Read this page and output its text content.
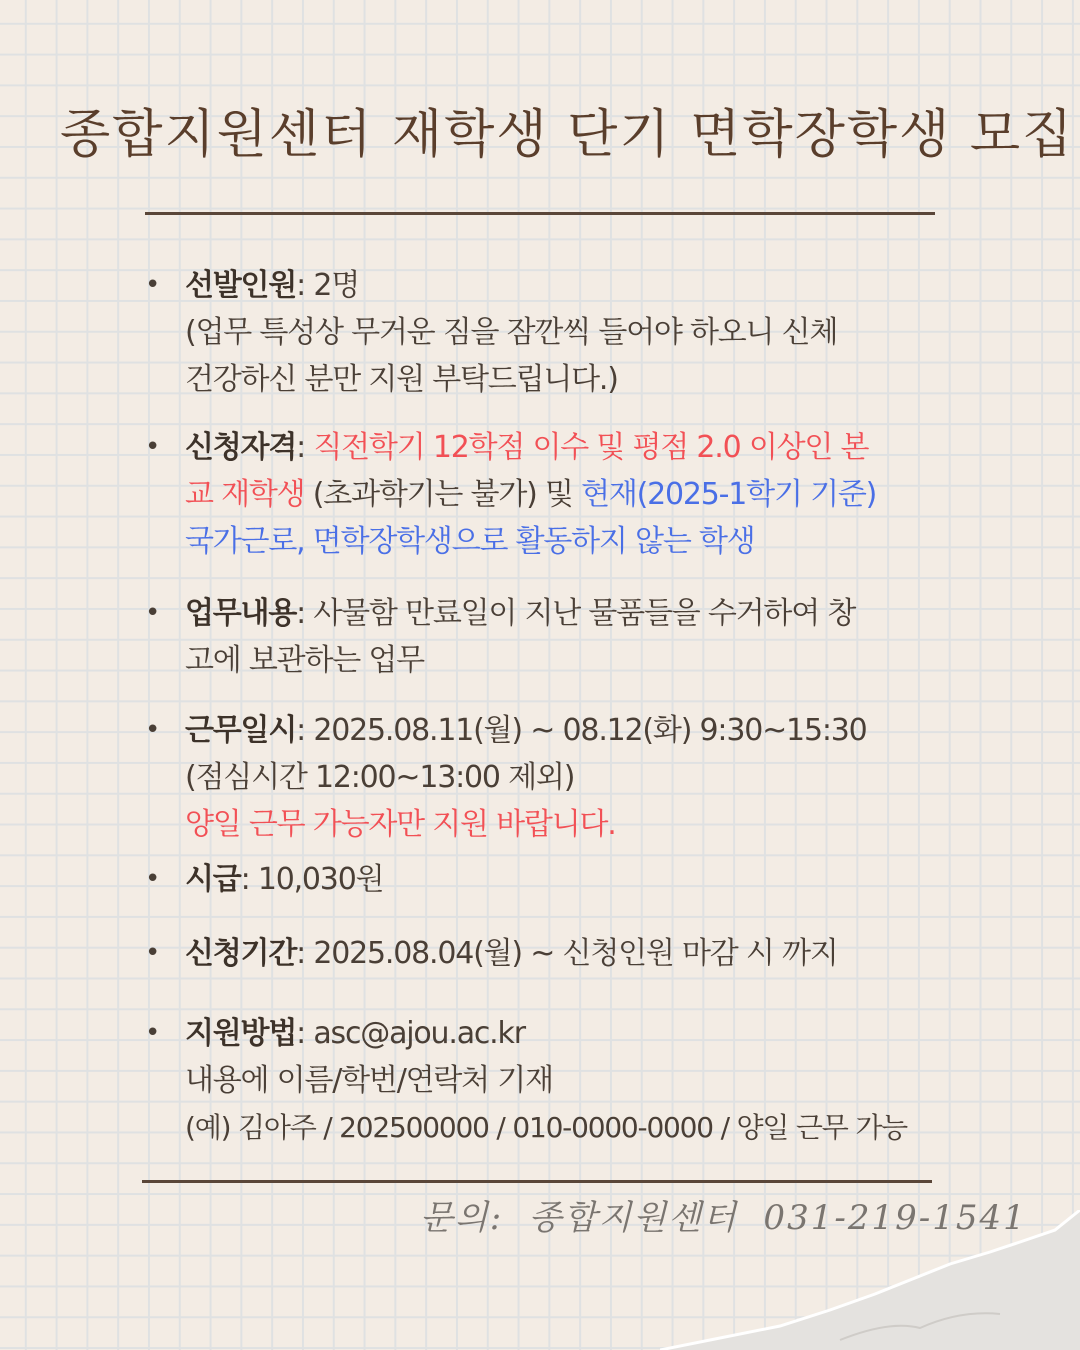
종합지원센터 재학생 단기 면학장학생 모집
• 선발인원: 2명
(업무 특성상 무거운 짐을 잠깐씩 들어야 하오니 신체
건강하신 분만 지원 부탁드립니다.)
• 신청자격: 직전학기 12학점 이수 및 평점 2.0 이상인 본
교 재학생 (초과학기는 불가) 및 현재(2025-1학기 기준)
국가근로, 면학장학생으로 활동하지 않는 학생
• 업무내용: 사물함 만료일이 지난 물품들을 수거하여 창
고에 보관하는 업무
• 근무일시: 2025.08.11(월) ~ 08.12(화) 9:30~15:30
(점심시간 12:00~13:00 제외)
양일 근무 가능자만 지원 바랍니다.
• 시급: 10,030원
• 신청기간: 2025.08.04(월) ~ 신청인원 마감 시 까지
• 지원방법: asc@ajou.ac.kr
내용에 이름/학번/연락처 기재
(예) 김아주 / 202500000 / 010-0000-0000 / 양일 근무 가능
문의:  종합지원센터  031-219-1541
